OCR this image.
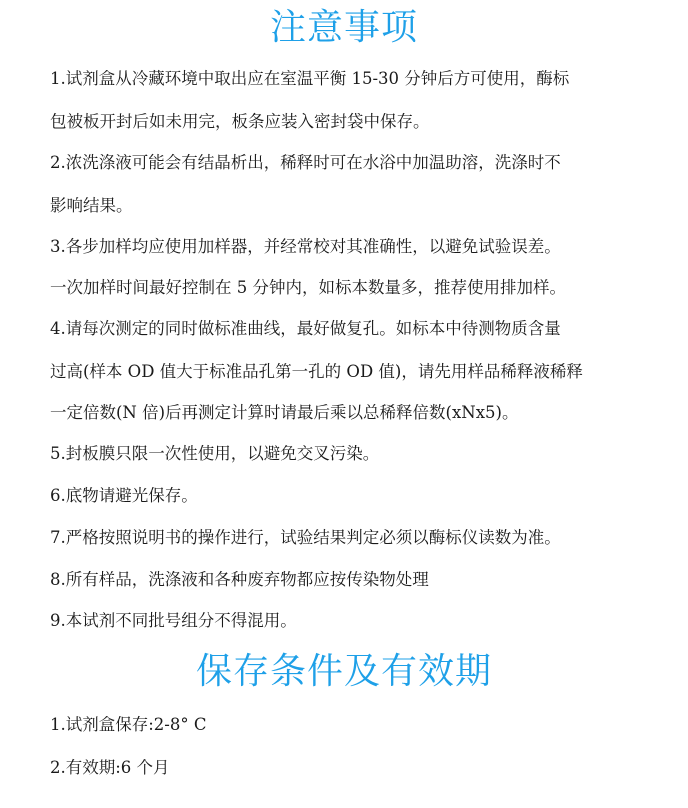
注意事项

1.试剂盒从冷藏环境中取出应在室温平衡 15-30 分钟后方可使用，酶标

包被板开封后如未用完，板条应装入密封袋中保存。

2.浓洗涤液可能会有结晶析出，稀释时可在水浴中加温助溶，洗涤时不

影响结果。

3.各步加样均应使用加样器，并经常校对其准确性，以避免试验误差。

一次加样时间最好控制在 5 分钟内，如标本数量多，推荐使用排加样。

4.请每次测定的同时做标准曲线，最好做复孔。如标本中待测物质含量

过高(样本 OD 值大于标准品孔第一孔的 OD 值)，请先用样品稀释液稀释

一定倍数(N 倍)后再测定计算时请最后乘以总稀释倍数(xNx5)。

5.封板膜只限一次性使用，以避免交叉污染。

6.底物请避光保存。

7.严格按照说明书的操作进行，试验结果判定必须以酶标仪读数为准。

8.所有样品，洗涤液和各种废弃物都应按传染物处理

9.本试剂不同批号组分不得混用。

保存条件及有效期

1.试剂盒保存:2-8° C

2.有效期:6 个月
